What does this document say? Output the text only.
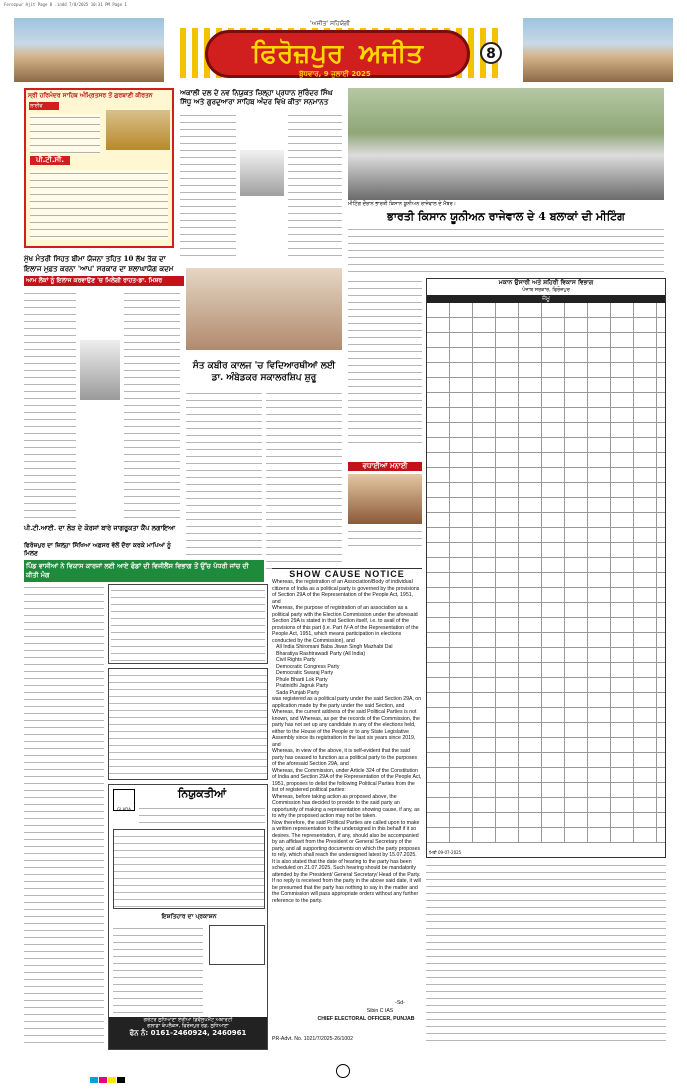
Ferozpur Ajit Page 8 .indd 7/8/2025 10:31 PM Page 1
'ਅਜੀਤ' ਸਹਿਯੋਗੀ
ਫਿਰੋਜ਼ਪੁਰ ਅਜੀਤ	8
ਬੁੱਧਵਾਰ, 9 ਜੁਲਾਈ 2025
ਸ੍ਰੀ ਹਰਿਮੰਦਰ ਸਾਹਿਬ ਅੰਮ੍ਰਿਤਸਰ ਤੋਂ ਗੁਰਬਾਣੀ ਕੀਰਤਨ
ਲਾਈਵ
ਪੀ.ਟੀ.ਸੀ.
ਅਕਾਲੀ ਦਲ ਦੇ ਨਵ ਨਿਯੁਕਤ ਜ਼ਿਲ੍ਹਾ ਪ੍ਰਧਾਨ ਸੁਰਿੰਦਰ ਸਿੰਘ ਸਿੱਧੂ ਅਤੇ ਗੁਰਦੁਆਰਾ ਸਾਹਿਬ ਅੰਦਰ ਵਿਖੇ ਕੀਤਾ ਸਨਮਾਨਤ
ਮੀਟਿੰਗ ਦੌਰਾਨ ਭਾਰਤੀ ਕਿਸਾਨ ਯੂਨੀਅਨ ਰਾਜੇਵਾਲ ਦੇ ਮੈਂਬਰ।
ਭਾਰਤੀ ਕਿਸਾਨ ਯੂਨੀਅਨ ਰਾਜੇਵਾਲ ਦੇ 4 ਬਲਾਕਾਂ ਦੀ ਮੀਟਿੰਗ
ਮੁੱਖ ਮੰਤਰੀ ਸਿਹਤ ਬੀਮਾ ਯੋਜਨਾ ਤਹਿਤ 10 ਲੱਖ ਤੱਕ ਦਾ ਇਲਾਜ ਮੁਫ਼ਤ ਕਰਨਾ 'ਆਪ' ਸਰਕਾਰ ਦਾ ਸ਼ਲਾਘਾਯੋਗ ਕਦਮ
ਆਮ ਲੋਕਾਂ ਨੂੰ ਇਲਾਜ ਕਰਵਾਉਣ 'ਚ ਮਿਲੇਗੀ ਰਾਹਤ-ਡਾ. ਮਿਸ਼ਰ
ਸੰਤ ਕਬੀਰ ਕਾਲਜ 'ਚ ਵਿਦਿਆਰਥੀਆਂ ਲਈ ਡਾ. ਅੰਬੇਡਕਰ ਸਕਾਲਰਸ਼ਿਪ ਸ਼ੁਰੂ
ਮਕਾਨ ਉਸਾਰੀ ਅਤੇ ਸ਼ਹਿਰੀ ਵਿਕਾਸ ਵਿਭਾਗ
ਪੰਜਾਬ ਸਰਕਾਰ, ਫਿਰੋਜ਼ਪੁਰ
ਜੰਮੂ
ਮਿਤੀ 09-07-2025
ਵਧਾਈਆਂ ਮਨਾਈ
ਪੀ.ਟੀ.ਆਈ. ਦਾ ਲੋੜ ਦੇ ਕੋਰਸਾਂ ਬਾਰੇ ਜਾਗਰੂਕਤਾ ਕੈਂਪ ਲਗਾਇਆ
ਫਿਰੋਜ਼ਪੁਰ ਦਾ ਜ਼ਿਲ੍ਹਾ ਸਿੱਖਿਆ ਅਫ਼ਸਰ ਵੱਲੋਂ ਦੌਰਾ ਕਰਕੇ ਮਾਪਿਆਂ ਨੂੰ ਮਿਲਣ
ਪਿੰਡ ਵਾਸੀਆਂ ਨੇ ਵਿਕਾਸ ਕਾਰਜਾਂ ਲਈ ਆਏ ਫੰਡਾਂ ਦੀ ਵਿਜੀਲੈਂਸ ਵਿਭਾਗ ਤੋਂ ਉੱਚ ਪੱਧਰੀ ਜਾਂਚ ਦੀ ਕੀਤੀ ਮੰਗ
GLADA
ਨਿਯੁਕਤੀਆਂ
ਇਸ਼ਤਿਹਾਰ ਦਾ ਪ੍ਰਕਾਸ਼ਨ
ਗਰੇਟਰ ਲੁਧਿਆਣਾ ਏਰੀਆ ਡਿਵੈਲਪਮੈਂਟ ਅਥਾਰਟੀ
ਗਲਾਡਾ ਕੰਪਲੈਕਸ, ਫਿਰੋਜ਼ਪੁਰ ਰੋਡ, ਲੁਧਿਆਣਾ
ਫੋਨ ਨੰ: 0161-2460924, 2460961
SHOW CAUSE NOTICE
Whereas, the registration of an Association/Body of individual citizens of India as a political party is governed by the provisions of Section 29A of the Representation of the People Act, 1951, and
Whereas, the purpose of registration of an association as a political party with the Election Commission under the aforesaid Section 29A is stated in that Section itself, i.e. to avail of the provisions of this part (i.e. Part IV-A of the Representation of the People Act, 1951, which means participation in elections conducted by the Commission), and
All India Shiromani Baba Jiwan Singh Mazhabi Dal
Bharatiya Rashtrawadi Party (All India)
Civil Rights Party
Democratic Congress Party
Democratic Swaraj Party
Phule Bharti Lok Party
Pratinidhi Jagruk Party
Sada Punjab Party
was registered as a political party under the said Section 29A, on application made by the party under the said Section, and Whereas, the current address of the said Political Parties is not known, and Whereas, as per the records of the Commission, the party has not set up any candidate in any of the elections held, either to the House of the People or to any State Legislative Assembly since its registration in the last six years since 2019, and
Whereas, in view of the above, it is self-evident that the said party has ceased to function as a political party to the purposes of the aforesaid Section 29A, and
Whereas, the Commission, under Article 324 of the Constitution of India and Section 29A of the Representation of the People Act, 1951, proposes to delist the following Political Parties from the list of registered political parties:
Whereas, before taking action as proposed above, the Commission has decided to provide to the said party an opportunity of making a representation showing cause, if any, as to why the proposed action may not be taken.
Now therefore, the said Political Parties are called upon to make a written representation to the undersigned in this behalf if it so desires. The representation, if any, should also be accompanied by an affidavit from the President or General Secretary of the party, and all supporting documents on which the party proposes to rely, which shall reach the undersigned latest by 15.07.2025.
It is also stated that the date of hearing to the party has been scheduled on 21.07.2025. Such hearing should be mandatorily attended by the President/ General Secretary/ Head of the Party. If no reply is received from the party in the above said date, it will be presumed that the party has nothing to say in the matter and the Commission will pass appropriate orders without any further reference to the party.
-Sd-
Sibin C IAS
CHIEF ELECTORAL OFFICER, PUNJAB
PR-Advt. No. 1021/7/2025-26/1002
